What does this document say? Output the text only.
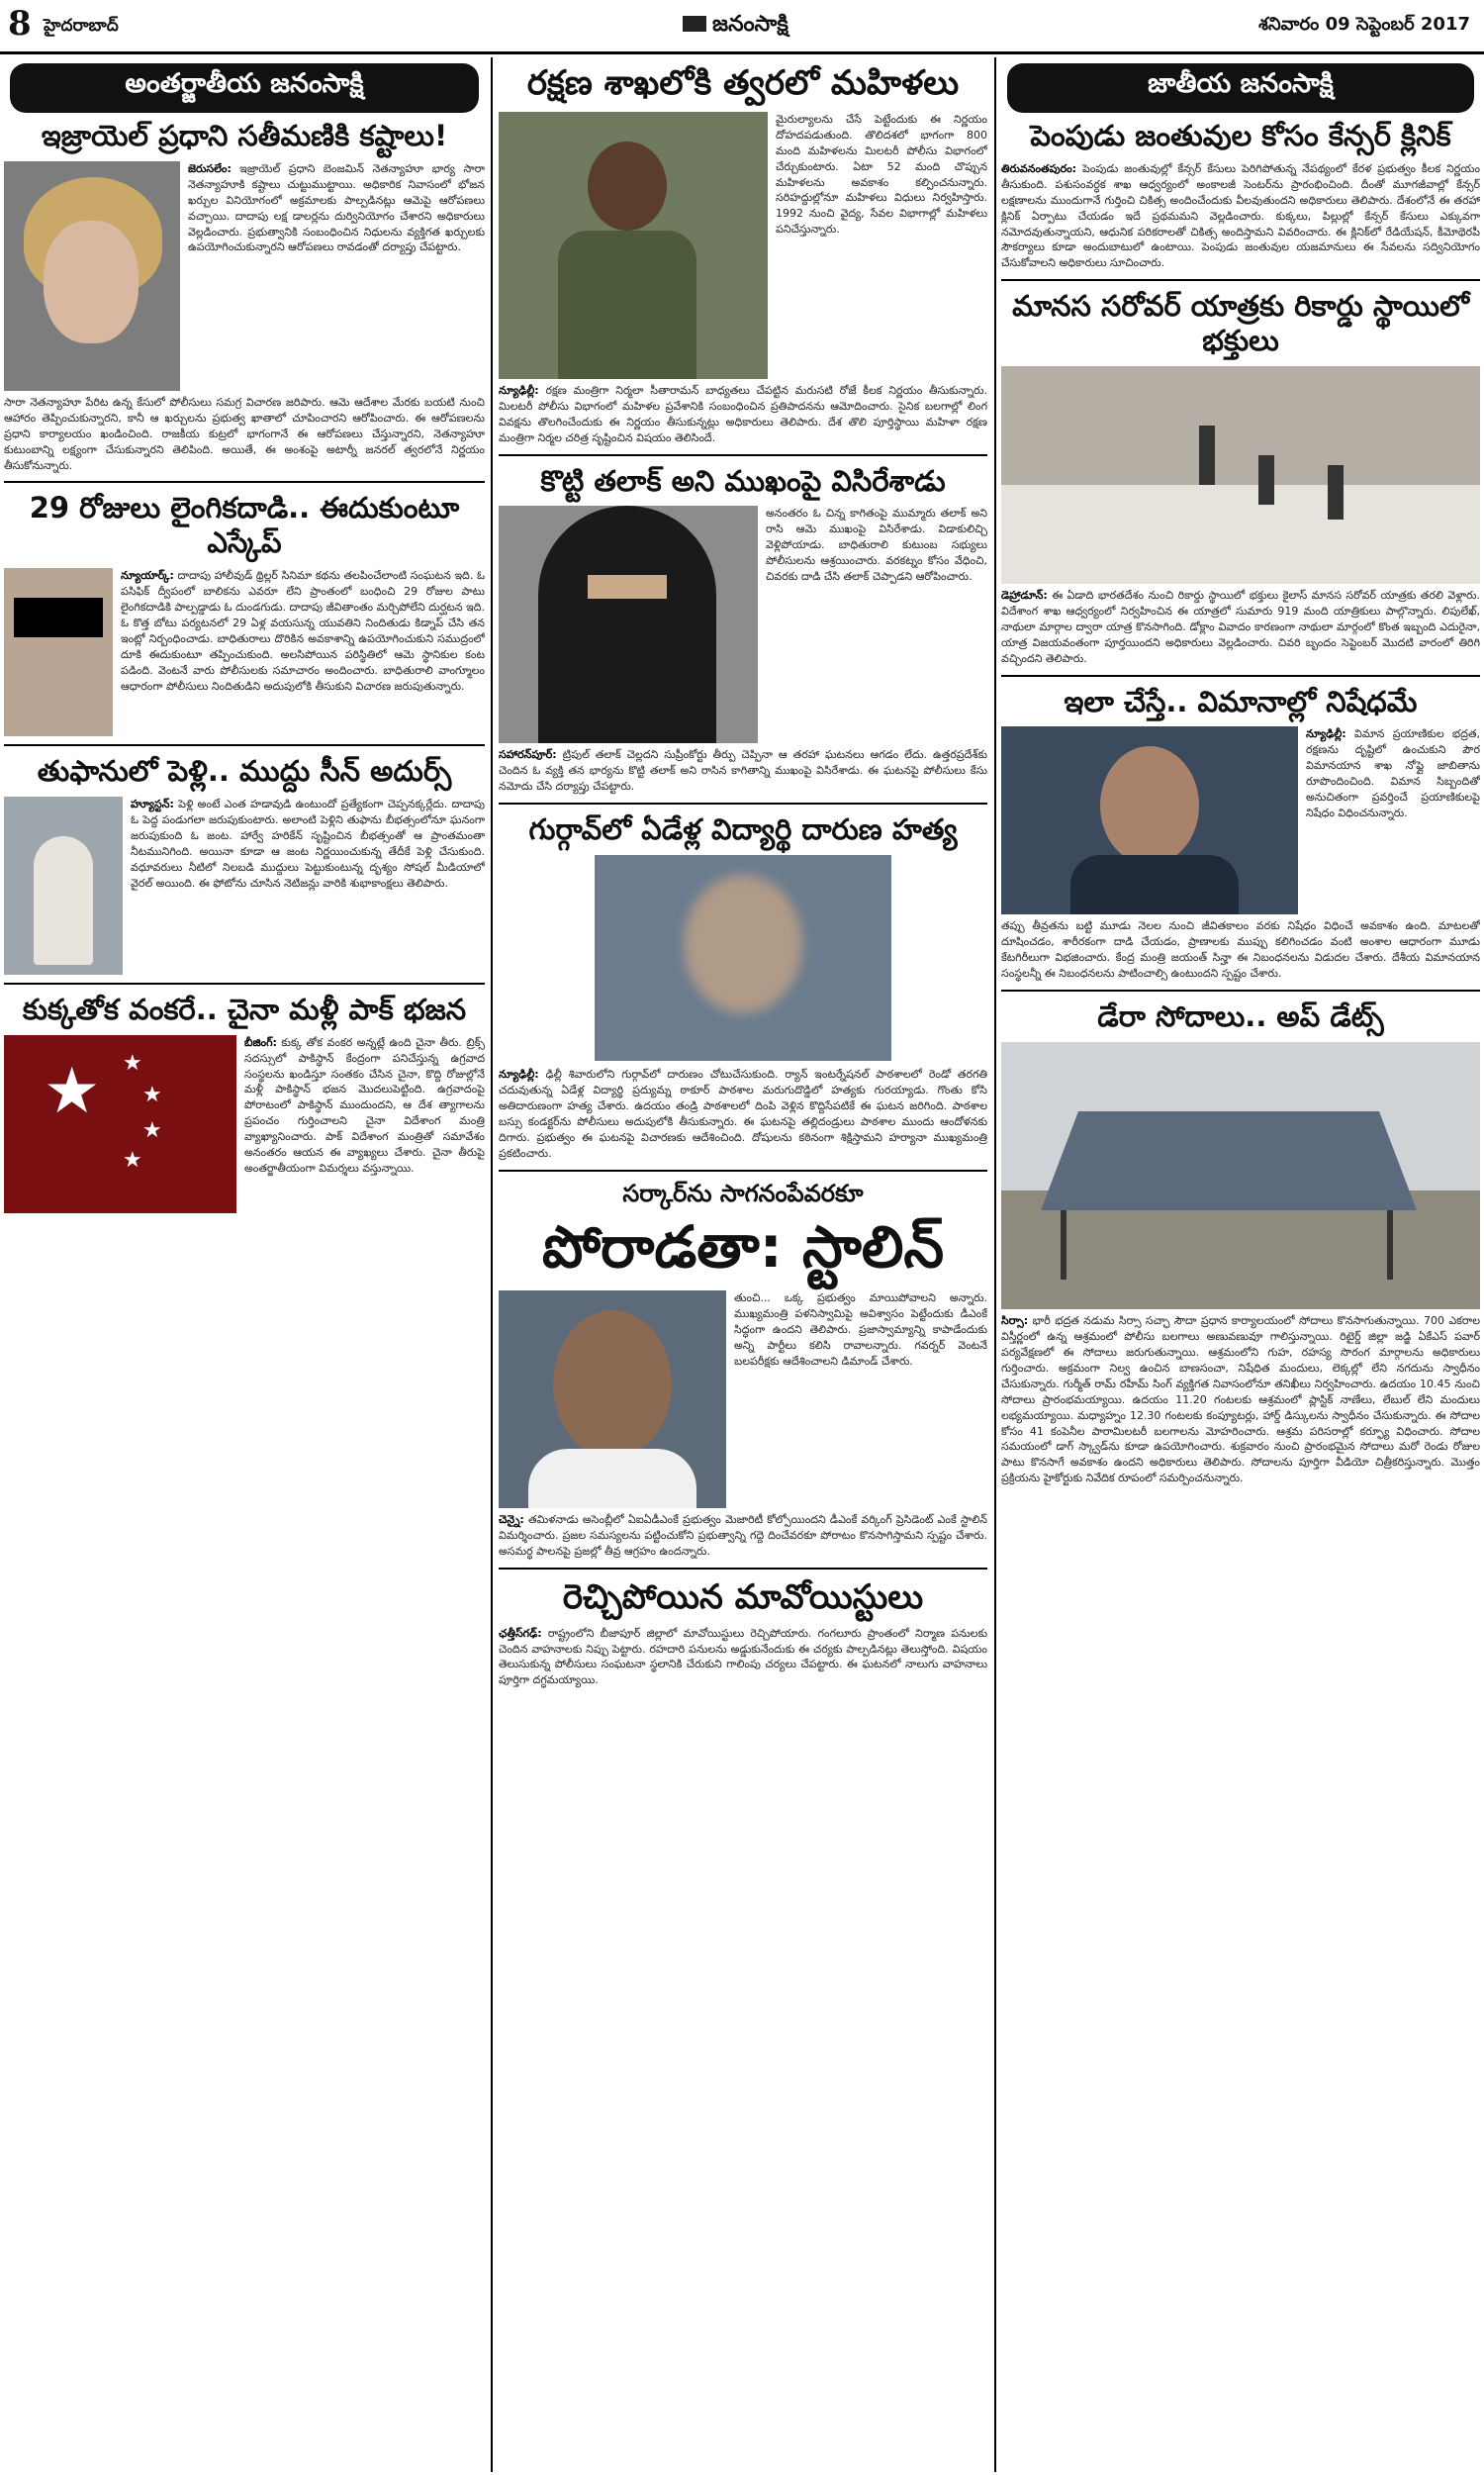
8 హైదరాబాద్	జనంసాక్షి	శనివారం 09 సెప్టెంబర్ 2017
అంతర్జాతీయ జనంసాక్షి
ఇజ్రాయెల్ ప్రధాని సతీమణికి కష్టాలు!
జెరుసలేం: ఇజ్రాయెల్ ప్రధాని బెంజమిన్ నెతన్యాహూ భార్య సారా నెతన్యాహూకి కష్టాలు చుట్టుముట్టాయి. అధికారిక నివాసంలో భోజన ఖర్చుల వినియోగంలో అక్రమాలకు పాల్పడినట్లు ఆమెపై ఆరోపణలు వచ్చాయి. దాదాపు లక్ష డాలర్లను దుర్వినియోగం చేశారని అధికారులు వెల్లడించారు. ప్రభుత్వానికి సంబంధించిన నిధులను వ్యక్తిగత ఖర్చులకు ఉపయోగించుకున్నారని ఆరోపణలు రావడంతో దర్యాప్తు చేపట్టారు.
సారా నెతన్యాహూ పేరిట ఉన్న కేసులో పోలీసులు సమగ్ర విచారణ జరిపారు. ఆమె ఆదేశాల మేరకు బయటి నుంచి ఆహారం తెప్పించుకున్నారని, కానీ ఆ ఖర్చులను ప్రభుత్వ ఖాతాలో చూపించారని ఆరోపించారు. ఈ ఆరోపణలను ప్రధాని కార్యాలయం ఖండించింది. రాజకీయ కుట్రలో భాగంగానే ఈ ఆరోపణలు చేస్తున్నారని, నెతన్యాహూ కుటుంబాన్ని లక్ష్యంగా చేసుకున్నారని తెలిపింది. అయితే, ఈ అంశంపై అటార్నీ జనరల్ త్వరలోనే నిర్ణయం తీసుకోనున్నారు.
29 రోజులు లైంగికదాడి.. ఈదుకుంటూ ఎస్కేప్
న్యూయార్క్: దాదాపు హాలీవుడ్ థ్రిల్లర్ సినిమా కథను తలపించేలాంటి సంఘటన ఇది. ఓ పసిఫిక్ ద్వీపంలో బాలికను ఎవరూ లేని ప్రాంతంలో బంధించి 29 రోజుల పాటు లైంగికదాడికి పాల్పడ్డాడు ఓ దుండగుడు. దాదాపు జీవితాంతం మర్చిపోలేని దుర్ఘటన ఇది. ఓ కొత్త బోటు పర్యటనలో 29 ఏళ్ల వయసున్న యువతిని నిందితుడు కిడ్నాప్ చేసి తన ఇంట్లో నిర్బంధించాడు. బాధితురాలు దొరికిన అవకాశాన్ని ఉపయోగించుకుని సముద్రంలో దూకి ఈదుకుంటూ తప్పించుకుంది. అలసిపోయిన పరిస్థితిలో ఆమె స్థానికుల కంట పడింది. వెంటనే వారు పోలీసులకు సమాచారం అందించారు. బాధితురాలి వాంగ్మూలం ఆధారంగా పోలీసులు నిందితుడిని అదుపులోకి తీసుకుని విచారణ జరుపుతున్నారు.
తుఫానులో పెళ్లి.. ముద్దు సీన్ అదుర్స్
హ్యూస్టన్: పెళ్లి అంటే ఎంత హడావుడి ఉంటుందో ప్రత్యేకంగా చెప్పనక్కర్లేదు. దాదాపు ఓ పెద్ద పండుగలా జరుపుకుంటారు. అలాంటి పెళ్లిని తుఫాను బీభత్సంలోనూ ఘనంగా జరుపుకుంది ఓ జంట. హార్వే హరికేన్ సృష్టించిన బీభత్సంతో ఆ ప్రాంతమంతా నీటమునిగింది. అయినా కూడా ఆ జంట నిర్ణయించుకున్న తేదీకే పెళ్లి చేసుకుంది. వధూవరులు నీటిలో నిలబడి ముద్దులు పెట్టుకుంటున్న దృశ్యం సోషల్ మీడియాలో వైరల్ అయింది. ఈ ఫోటోను చూసిన నెటిజన్లు వారికి శుభాకాంక్షలు తెలిపారు.
కుక్కతోక వంకరే.. చైనా మళ్లీ పాక్ భజన
★ ★
★
★
★
బీజింగ్: కుక్క తోక వంకర అన్నట్లే ఉంది చైనా తీరు. బ్రిక్స్ సదస్సులో పాకిస్థాన్ కేంద్రంగా పనిచేస్తున్న ఉగ్రవాద సంస్థలను ఖండిస్తూ సంతకం చేసిన చైనా, కొద్ది రోజుల్లోనే మళ్లీ పాకిస్థాన్ భజన మొదలుపెట్టింది. ఉగ్రవాదంపై పోరాటంలో పాకిస్థాన్ ముందుందని, ఆ దేశ త్యాగాలను ప్రపంచం గుర్తించాలని చైనా విదేశాంగ మంత్రి వ్యాఖ్యానించారు. పాక్ విదేశాంగ మంత్రితో సమావేశం అనంతరం ఆయన ఈ వ్యాఖ్యలు చేశారు. చైనా తీరుపై అంతర్జాతీయంగా విమర్శలు వస్తున్నాయి.
రక్షణ శాఖలోకి త్వరలో మహిళలు
మైరుల్యాలను చేసే పెట్టేందుకు ఈ నిర్ణయం దోహదపడుతుంది. తొలిదశలో భాగంగా 800 మంది మహిళలను మిలటరీ పోలీసు విభాగంలో చేర్చుకుంటారు. ఏటా 52 మంది చొప్పున మహిళలను అవకాశం కల్పించనున్నారు. సరిహద్దుల్లోనూ మహిళలు విధులు నిర్వహిస్తారు. 1992 నుంచి వైద్య, సేవల విభాగాల్లో మహిళలు పనిచేస్తున్నారు.
న్యూఢిల్లీ: రక్షణ మంత్రిగా నిర్మలా సీతారామన్ బాధ్యతలు చేపట్టిన మరుసటి రోజే కీలక నిర్ణయం తీసుకున్నారు. మిలటరీ పోలీసు విభాగంలో మహిళల ప్రవేశానికి సంబంధించిన ప్రతిపాదనను ఆమోదించారు. సైనిక బలగాల్లో లింగ వివక్షను తొలగించేందుకు ఈ నిర్ణయం తీసుకున్నట్లు అధికారులు తెలిపారు. దేశ తొలి పూర్తిస్థాయి మహిళా రక్షణ మంత్రిగా నిర్మల చరిత్ర సృష్టించిన విషయం తెలిసిందే.
కొట్టి తలాక్ అని ముఖంపై విసిరేశాడు
అనంతరం ఓ చిన్న కాగితంపై ముమ్మారు తలాక్ అని రాసి ఆమె ముఖంపై విసిరేశాడు. విడాకులిచ్చి వెళ్లిపోయాడు. బాధితురాలి కుటుంబ సభ్యులు పోలీసులను ఆశ్రయించారు. వరకట్నం కోసం వేధించి, చివరకు దాడి చేసి తలాక్ చెప్పాడని ఆరోపించారు.
సహారన్‌పూర్: ట్రిపుల్ తలాక్ చెల్లదని సుప్రీంకోర్టు తీర్పు చెప్పినా ఆ తరహా ఘటనలు ఆగడం లేదు. ఉత్తరప్రదేశ్‌కు చెందిన ఓ వ్యక్తి తన భార్యను కొట్టి తలాక్ అని రాసిన కాగితాన్ని ముఖంపై విసిరేశాడు. ఈ ఘటనపై పోలీసులు కేసు నమోదు చేసి దర్యాప్తు చేపట్టారు.
గుర్గావ్‌లో ఏడేళ్ల విద్యార్థి దారుణ హత్య
న్యూఢిల్లీ: ఢిల్లీ శివారులోని గుర్గావ్‌లో దారుణం చోటుచేసుకుంది. ర్యాన్ ఇంటర్నేషనల్ పాఠశాలలో రెండో తరగతి చదువుతున్న ఏడేళ్ల విద్యార్థి ప్రద్యుమ్న ఠాకూర్ పాఠశాల మరుగుదొడ్డిలో హత్యకు గురయ్యాడు. గొంతు కోసి అతిదారుణంగా హత్య చేశారు. ఉదయం తండ్రి పాఠశాలలో దింపి వెళ్లిన కొద్దిసేపటికే ఈ ఘటన జరిగింది. పాఠశాల బస్సు కండక్టర్‌ను పోలీసులు అదుపులోకి తీసుకున్నారు. ఈ ఘటనపై తల్లిదండ్రులు పాఠశాల ముందు ఆందోళనకు దిగారు. ప్రభుత్వం ఈ ఘటనపై విచారణకు ఆదేశించింది. దోషులను కఠినంగా శిక్షిస్తామని హర్యానా ముఖ్యమంత్రి ప్రకటించారు.
సర్కార్‌ను సాగనంపేవరకూ
పోరాడతా: స్టాలిన్
తుంచి... ఒక్క ప్రభుత్వం మాయిపోవాలని అన్నారు. ముఖ్యమంత్రి పళనిస్వామిపై అవిశ్వాసం పెట్టేందుకు డీఎంకే సిద్ధంగా ఉందని తెలిపారు. ప్రజాస్వామ్యాన్ని కాపాడేందుకు అన్ని పార్టీలు కలిసి రావాలన్నారు. గవర్నర్ వెంటనే బలపరీక్షకు ఆదేశించాలని డిమాండ్ చేశారు.
చెన్నై: తమిళనాడు అసెంబ్లీలో ఏఐఏడీఎంకే ప్రభుత్వం మెజారిటీ కోల్పోయిందని డీఎంకే వర్కింగ్ ప్రెసిడెంట్ ఎంకే స్టాలిన్ విమర్శించారు. ప్రజల సమస్యలను పట్టించుకోని ప్రభుత్వాన్ని గద్దె దించేవరకూ పోరాటం కొనసాగిస్తామని స్పష్టం చేశారు. అసమర్థ పాలనపై ప్రజల్లో తీవ్ర ఆగ్రహం ఉందన్నారు.
రెచ్చిపోయిన మావోయిస్టులు
ఛత్తీస్‌గఢ్: రాష్ట్రంలోని బీజాపూర్ జిల్లాలో మావోయిస్టులు రెచ్చిపోయారు. గంగలూరు ప్రాంతంలో నిర్మాణ పనులకు చెందిన వాహనాలకు నిప్పు పెట్టారు. రహదారి పనులను అడ్డుకునేందుకు ఈ చర్యకు పాల్పడినట్లు తెలుస్తోంది. విషయం తెలుసుకున్న పోలీసులు సంఘటనా స్థలానికి చేరుకుని గాలింపు చర్యలు చేపట్టారు. ఈ ఘటనలో నాలుగు వాహనాలు పూర్తిగా దగ్ధమయ్యాయి.
జాతీయ జనంసాక్షి
పెంపుడు జంతువుల కోసం కేన్సర్ క్లినిక్
తిరువనంతపురం: పెంపుడు జంతువుల్లో కేన్సర్ కేసులు పెరిగిపోతున్న నేపథ్యంలో కేరళ ప్రభుత్వం కీలక నిర్ణయం తీసుకుంది. పశుసంవర్ధక శాఖ ఆధ్వర్యంలో అంకాలజీ సెంటర్‌ను ప్రారంభించింది. దీంతో మూగజీవాల్లో కేన్సర్ లక్షణాలను ముందుగానే గుర్తించి చికిత్స అందించేందుకు వీలవుతుందని అధికారులు తెలిపారు. దేశంలోనే ఈ తరహా క్లినిక్ ఏర్పాటు చేయడం ఇదే ప్రథమమని వెల్లడించారు. కుక్కలు, పిల్లుల్లో కేన్సర్ కేసులు ఎక్కువగా నమోదవుతున్నాయని, ఆధునిక పరికరాలతో చికిత్స అందిస్తామని వివరించారు. ఈ క్లినిక్‌లో రేడియేషన్, కీమోథెరపీ సౌకర్యాలు కూడా అందుబాటులో ఉంటాయి. పెంపుడు జంతువుల యజమానులు ఈ సేవలను సద్వినియోగం చేసుకోవాలని అధికారులు సూచించారు.
మానస సరోవర్ యాత్రకు రికార్డు స్థాయిలో భక్తులు
డెహ్రాడూన్: ఈ ఏడాది భారతదేశం నుంచి రికార్డు స్థాయిలో భక్తులు కైలాస్ మానస సరోవర్ యాత్రకు తరలి వెళ్లారు. విదేశాంగ శాఖ ఆధ్వర్యంలో నిర్వహించిన ఈ యాత్రలో సుమారు 919 మంది యాత్రికులు పాల్గొన్నారు. లిపులేఖ్, నాథులా మార్గాల ద్వారా యాత్ర కొనసాగింది. డోక్లాం వివాదం కారణంగా నాథులా మార్గంలో కొంత ఇబ్బంది ఎదురైనా, యాత్ర విజయవంతంగా పూర్తయిందని అధికారులు వెల్లడించారు. చివరి బృందం సెప్టెంబర్ మొదటి వారంలో తిరిగి వచ్చిందని తెలిపారు.
ఇలా చేస్తే.. విమానాల్లో నిషేధమే
న్యూఢిల్లీ: విమాన ప్రయాణికుల భద్రత, రక్షణను దృష్టిలో ఉంచుకుని పౌర విమానయాన శాఖ నోఫ్లై జాబితాను రూపొందించింది. విమాన సిబ్బందితో అనుచితంగా ప్రవర్తించే ప్రయాణికులపై నిషేధం విధించనున్నారు.
తప్పు తీవ్రతను బట్టి మూడు నెలల నుంచి జీవితకాలం వరకు నిషేధం విధించే అవకాశం ఉంది. మాటలతో దూషించడం, శారీరకంగా దాడి చేయడం, ప్రాణాలకు ముప్పు కలిగించడం వంటి అంశాల ఆధారంగా మూడు కేటగిరీలుగా విభజించారు. కేంద్ర మంత్రి జయంత్ సిన్హా ఈ నిబంధనలను విడుదల చేశారు. దేశీయ విమానయాన సంస్థలన్నీ ఈ నిబంధనలను పాటించాల్సి ఉంటుందని స్పష్టం చేశారు.
డేరా సోదాలు.. అప్ డేట్స్
సిర్సా: భారీ భద్రత నడుమ సిర్సా సచ్ఛా సౌదా ప్రధాన కార్యాలయంలో సోదాలు కొనసాగుతున్నాయి. 700 ఎకరాల విస్తీర్ణంలో ఉన్న ఆశ్రమంలో పోలీసు బలగాలు అణువణువూ గాలిస్తున్నాయి. రిటైర్డ్ జిల్లా జడ్జి ఏకేఎస్ పవార్ పర్యవేక్షణలో ఈ సోదాలు జరుగుతున్నాయి. ఆశ్రమంలోని గుహ, రహస్య సొరంగ మార్గాలను అధికారులు గుర్తించారు. అక్రమంగా నిల్వ ఉంచిన బాణసంచా, నిషేధిత మందులు, లెక్కల్లో లేని నగదును స్వాధీనం చేసుకున్నారు. గుర్మీత్ రామ్ రహీమ్ సింగ్ వ్యక్తిగత నివాసంలోనూ తనిఖీలు నిర్వహించారు. ఉదయం 10.45 నుంచి సోదాలు ప్రారంభమయ్యాయి. ఉదయం 11.20 గంటలకు ఆశ్రమంలో ప్లాస్టిక్ నాణేలు, లేబుల్ లేని మందులు లభ్యమయ్యాయి. మధ్యాహ్నం 12.30 గంటలకు కంప్యూటర్లు, హార్డ్ డిస్కులను స్వాధీనం చేసుకున్నారు. ఈ సోదాల కోసం 41 కంపెనీల పారామిలటరీ బలగాలను మోహరించారు. ఆశ్రమ పరిసరాల్లో కర్ఫ్యూ విధించారు. సోదాల సమయంలో డాగ్ స్క్వాడ్‌ను కూడా ఉపయోగించారు. శుక్రవారం నుంచి ప్రారంభమైన సోదాలు మరో రెండు రోజుల పాటు కొనసాగే అవకాశం ఉందని అధికారులు తెలిపారు. సోదాలను పూర్తిగా వీడియో చిత్రీకరిస్తున్నారు. మొత్తం ప్రక్రియను హైకోర్టుకు నివేదిక రూపంలో సమర్పించనున్నారు.
